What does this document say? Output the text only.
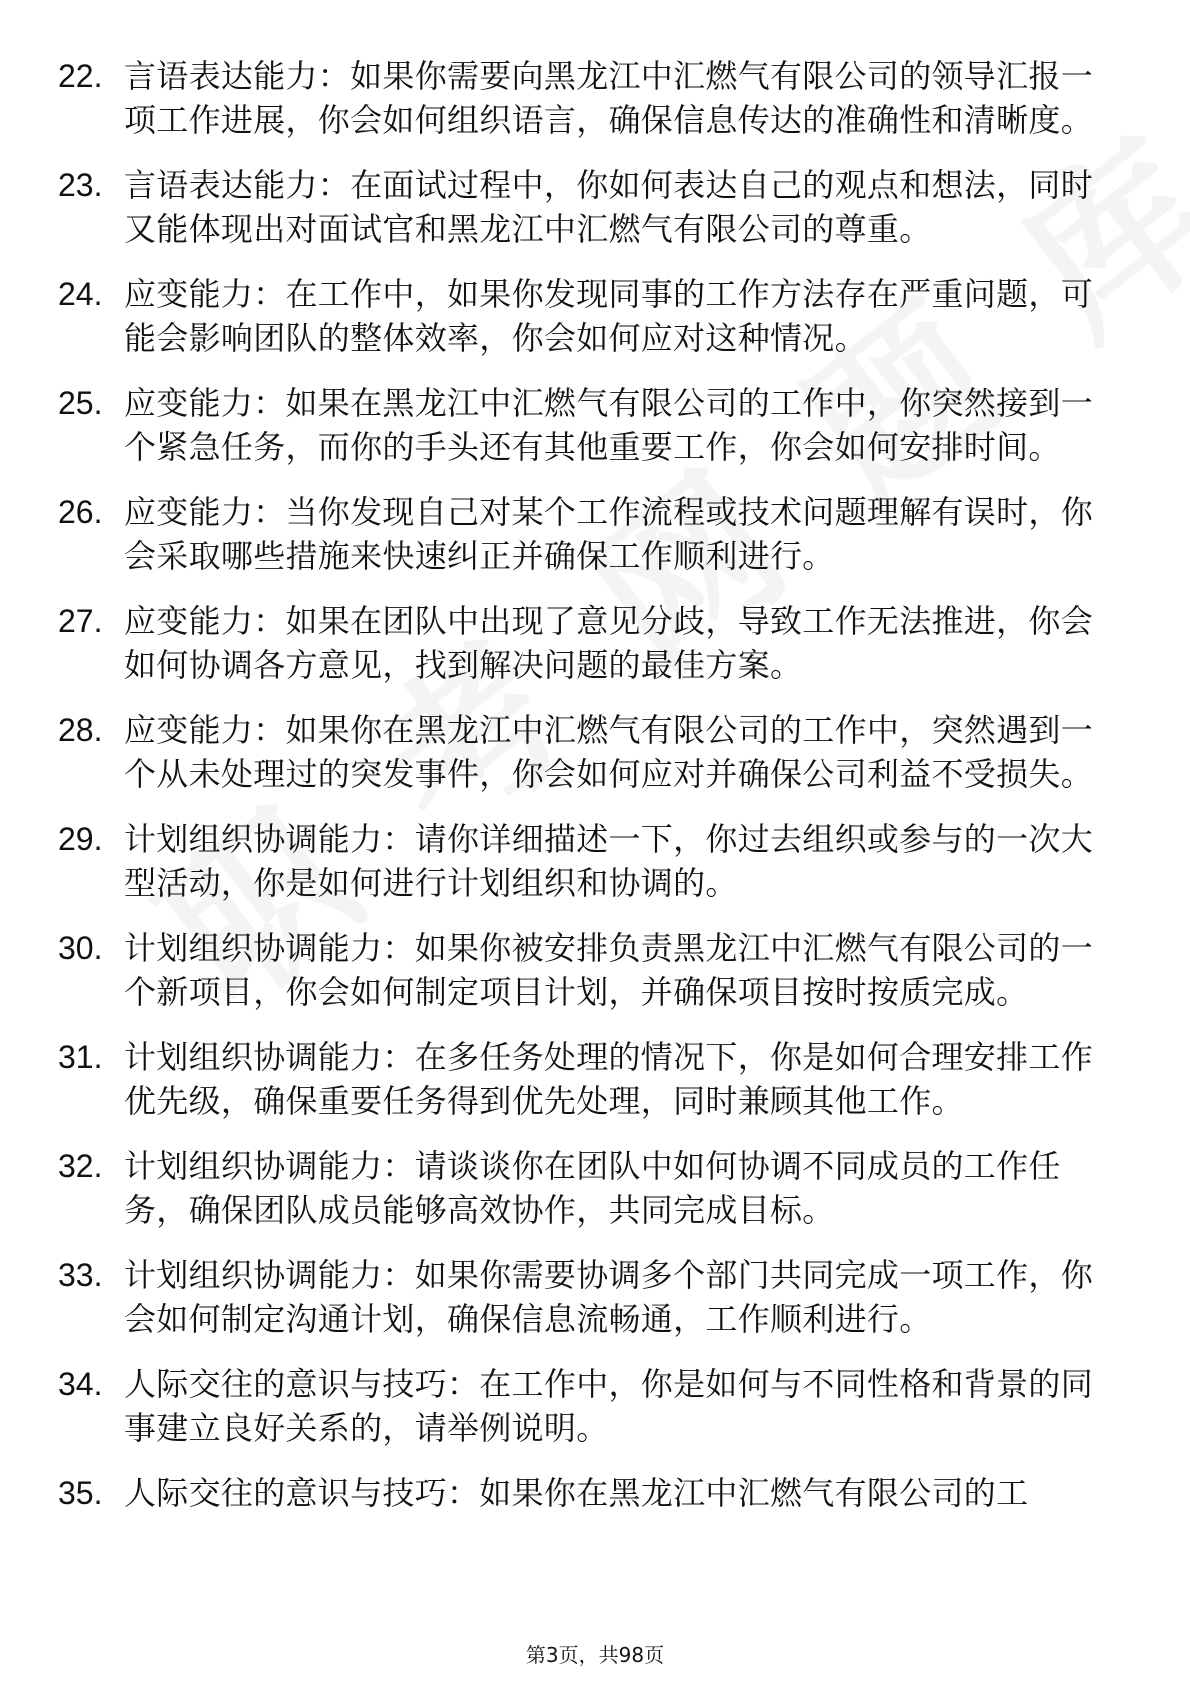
22. 言语表达能力：如果你需要向黑龙江中汇燃气有限公司的领导汇报一项工作进展，你会如何组织语言，确保信息传达的准确性和清晰度。
23. 言语表达能力：在面试过程中，你如何表达自己的观点和想法，同时又能体现出对面试官和黑龙江中汇燃气有限公司的尊重。
24. 应变能力：在工作中，如果你发现同事的工作方法存在严重问题，可能会影响团队的整体效率，你会如何应对这种情况。
25. 应变能力：如果在黑龙江中汇燃气有限公司的工作中，你突然接到一个紧急任务，而你的手头还有其他重要工作，你会如何安排时间。
26. 应变能力：当你发现自己对某个工作流程或技术问题理解有误时，你会采取哪些措施来快速纠正并确保工作顺利进行。
27. 应变能力：如果在团队中出现了意见分歧，导致工作无法推进，你会如何协调各方意见，找到解决问题的最佳方案。
28. 应变能力：如果你在黑龙江中汇燃气有限公司的工作中，突然遇到一个从未处理过的突发事件，你会如何应对并确保公司利益不受损失。
29. 计划组织协调能力：请你详细描述一下，你过去组织或参与的一次大型活动，你是如何进行计划组织和协调的。
30. 计划组织协调能力：如果你被安排负责黑龙江中汇燃气有限公司的一个新项目，你会如何制定项目计划，并确保项目按时按质完成。
31. 计划组织协调能力：在多任务处理的情况下，你是如何合理安排工作优先级，确保重要任务得到优先处理，同时兼顾其他工作。
32. 计划组织协调能力：请谈谈你在团队中如何协调不同成员的工作任务，确保团队成员能够高效协作，共同完成目标。
33. 计划组织协调能力：如果你需要协调多个部门共同完成一项工作，你会如何制定沟通计划，确保信息流畅通，工作顺利进行。
34. 人际交往的意识与技巧：在工作中，你是如何与不同性格和背景的同事建立良好关系的，请举例说明。
35. 人际交往的意识与技巧：如果你在黑龙江中汇燃气有限公司的工
第3页，共98页
